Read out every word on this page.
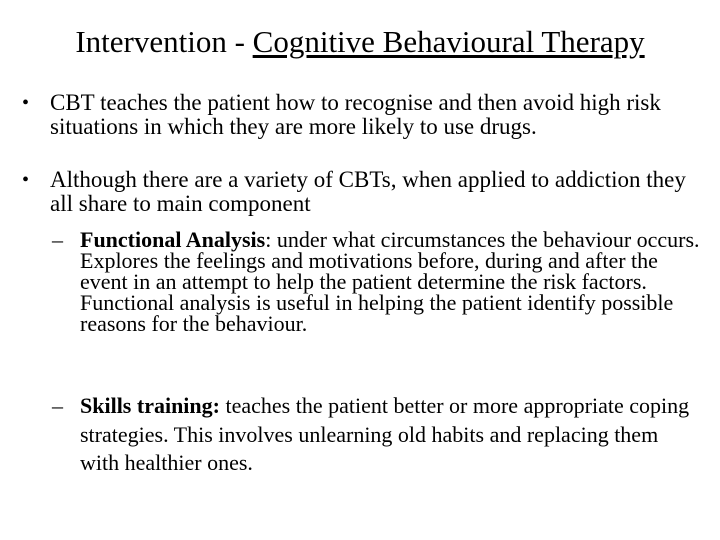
Intervention - Cognitive Behavioural Therapy
• CBT teaches the patient how to recognise and then avoid high risk situations in which they are more likely to use drugs.
• Although there are a variety of CBTs, when applied to addiction they all share to main component
– Functional Analysis: under what circumstances the behaviour occurs. Explores the feelings and motivations before, during and after the event in an attempt to help the patient determine the risk factors. Functional analysis is useful in helping the patient identify possible reasons for the behaviour.
– Skills training: teaches the patient better or more appropriate coping strategies. This involves unlearning old habits and replacing them with healthier ones.
